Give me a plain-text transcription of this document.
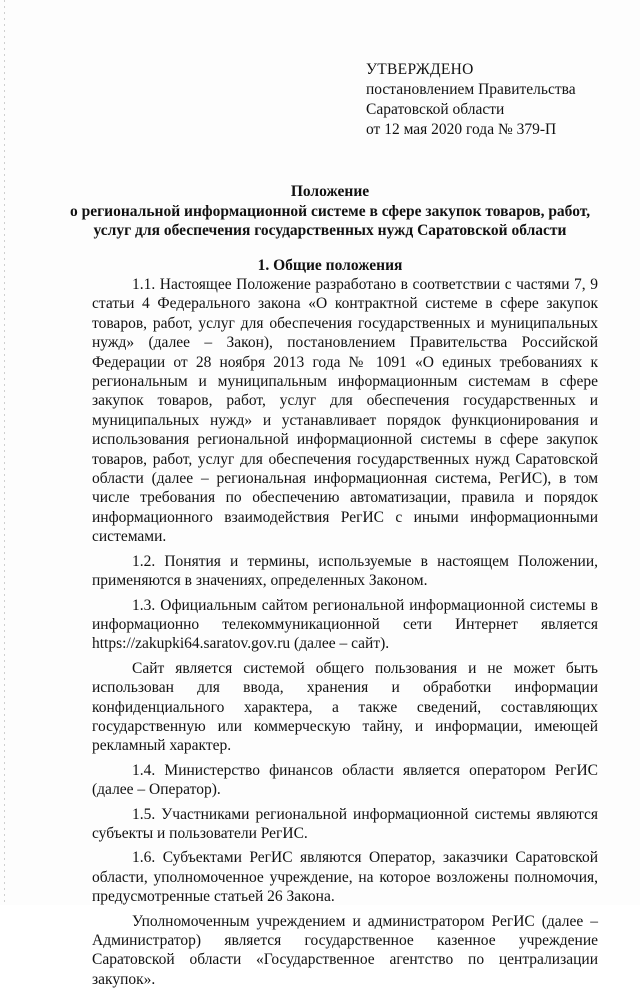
УТВЕРЖДЕНО
постановлением Правительства
Саратовской области
от 12 мая 2020 года № 379-П
Положение
о региональной информационной системе в сфере закупок товаров, работ,
услуг для обеспечения государственных нужд Саратовской области
1. Общие положения

1.1. Настоящее Положение разработано в соответствии с частями 7, 9 статьи 4 Федерального закона «О контрактной системе в сфере закупок товаров, работ, услуг для обеспечения государственных и муниципальных нужд» (далее – Закон), постановлением Правительства Российской Федерации от 28 ноября 2013 года № 1091 «О единых требованиях к региональным и муниципальным информационным системам в сфере закупок товаров, работ, услуг для обеспечения государственных и муниципальных нужд» и устанавливает порядок функционирования и использования региональной информационной системы в сфере закупок товаров, работ, услуг для обеспечения государственных нужд Саратовской области (далее – региональная информационная система, РегИС), в том числе требования по обеспечению автоматизации, правила и порядок информационного взаимодействия РегИС с иными информационными системами.

1.2. Понятия и термины, используемые в настоящем Положении, применяются в значениях, определенных Законом.

1.3. Официальным сайтом региональной информационной системы в информационно телекоммуникационной сети Интернет является https://zakupki64.saratov.gov.ru (далее – сайт).

Сайт является системой общего пользования и не может быть использован для ввода, хранения и обработки информации конфиденциального характера, а также сведений, составляющих государственную или коммерческую тайну, и информации, имеющей рекламный характер.

1.4. Министерство финансов области является оператором РегИС (далее – Оператор).

1.5. Участниками региональной информационной системы являются субъекты и пользователи РегИС.

1.6. Субъектами РегИС являются Оператор, заказчики Саратовской области, уполномоченное учреждение, на которое возложены полномочия, предусмотренные статьей 26 Закона.

Уполномоченным учреждением и администратором РегИС (далее – Администратор) является государственное казенное учреждение Саратовской области «Государственное агентство по централизации закупок».
